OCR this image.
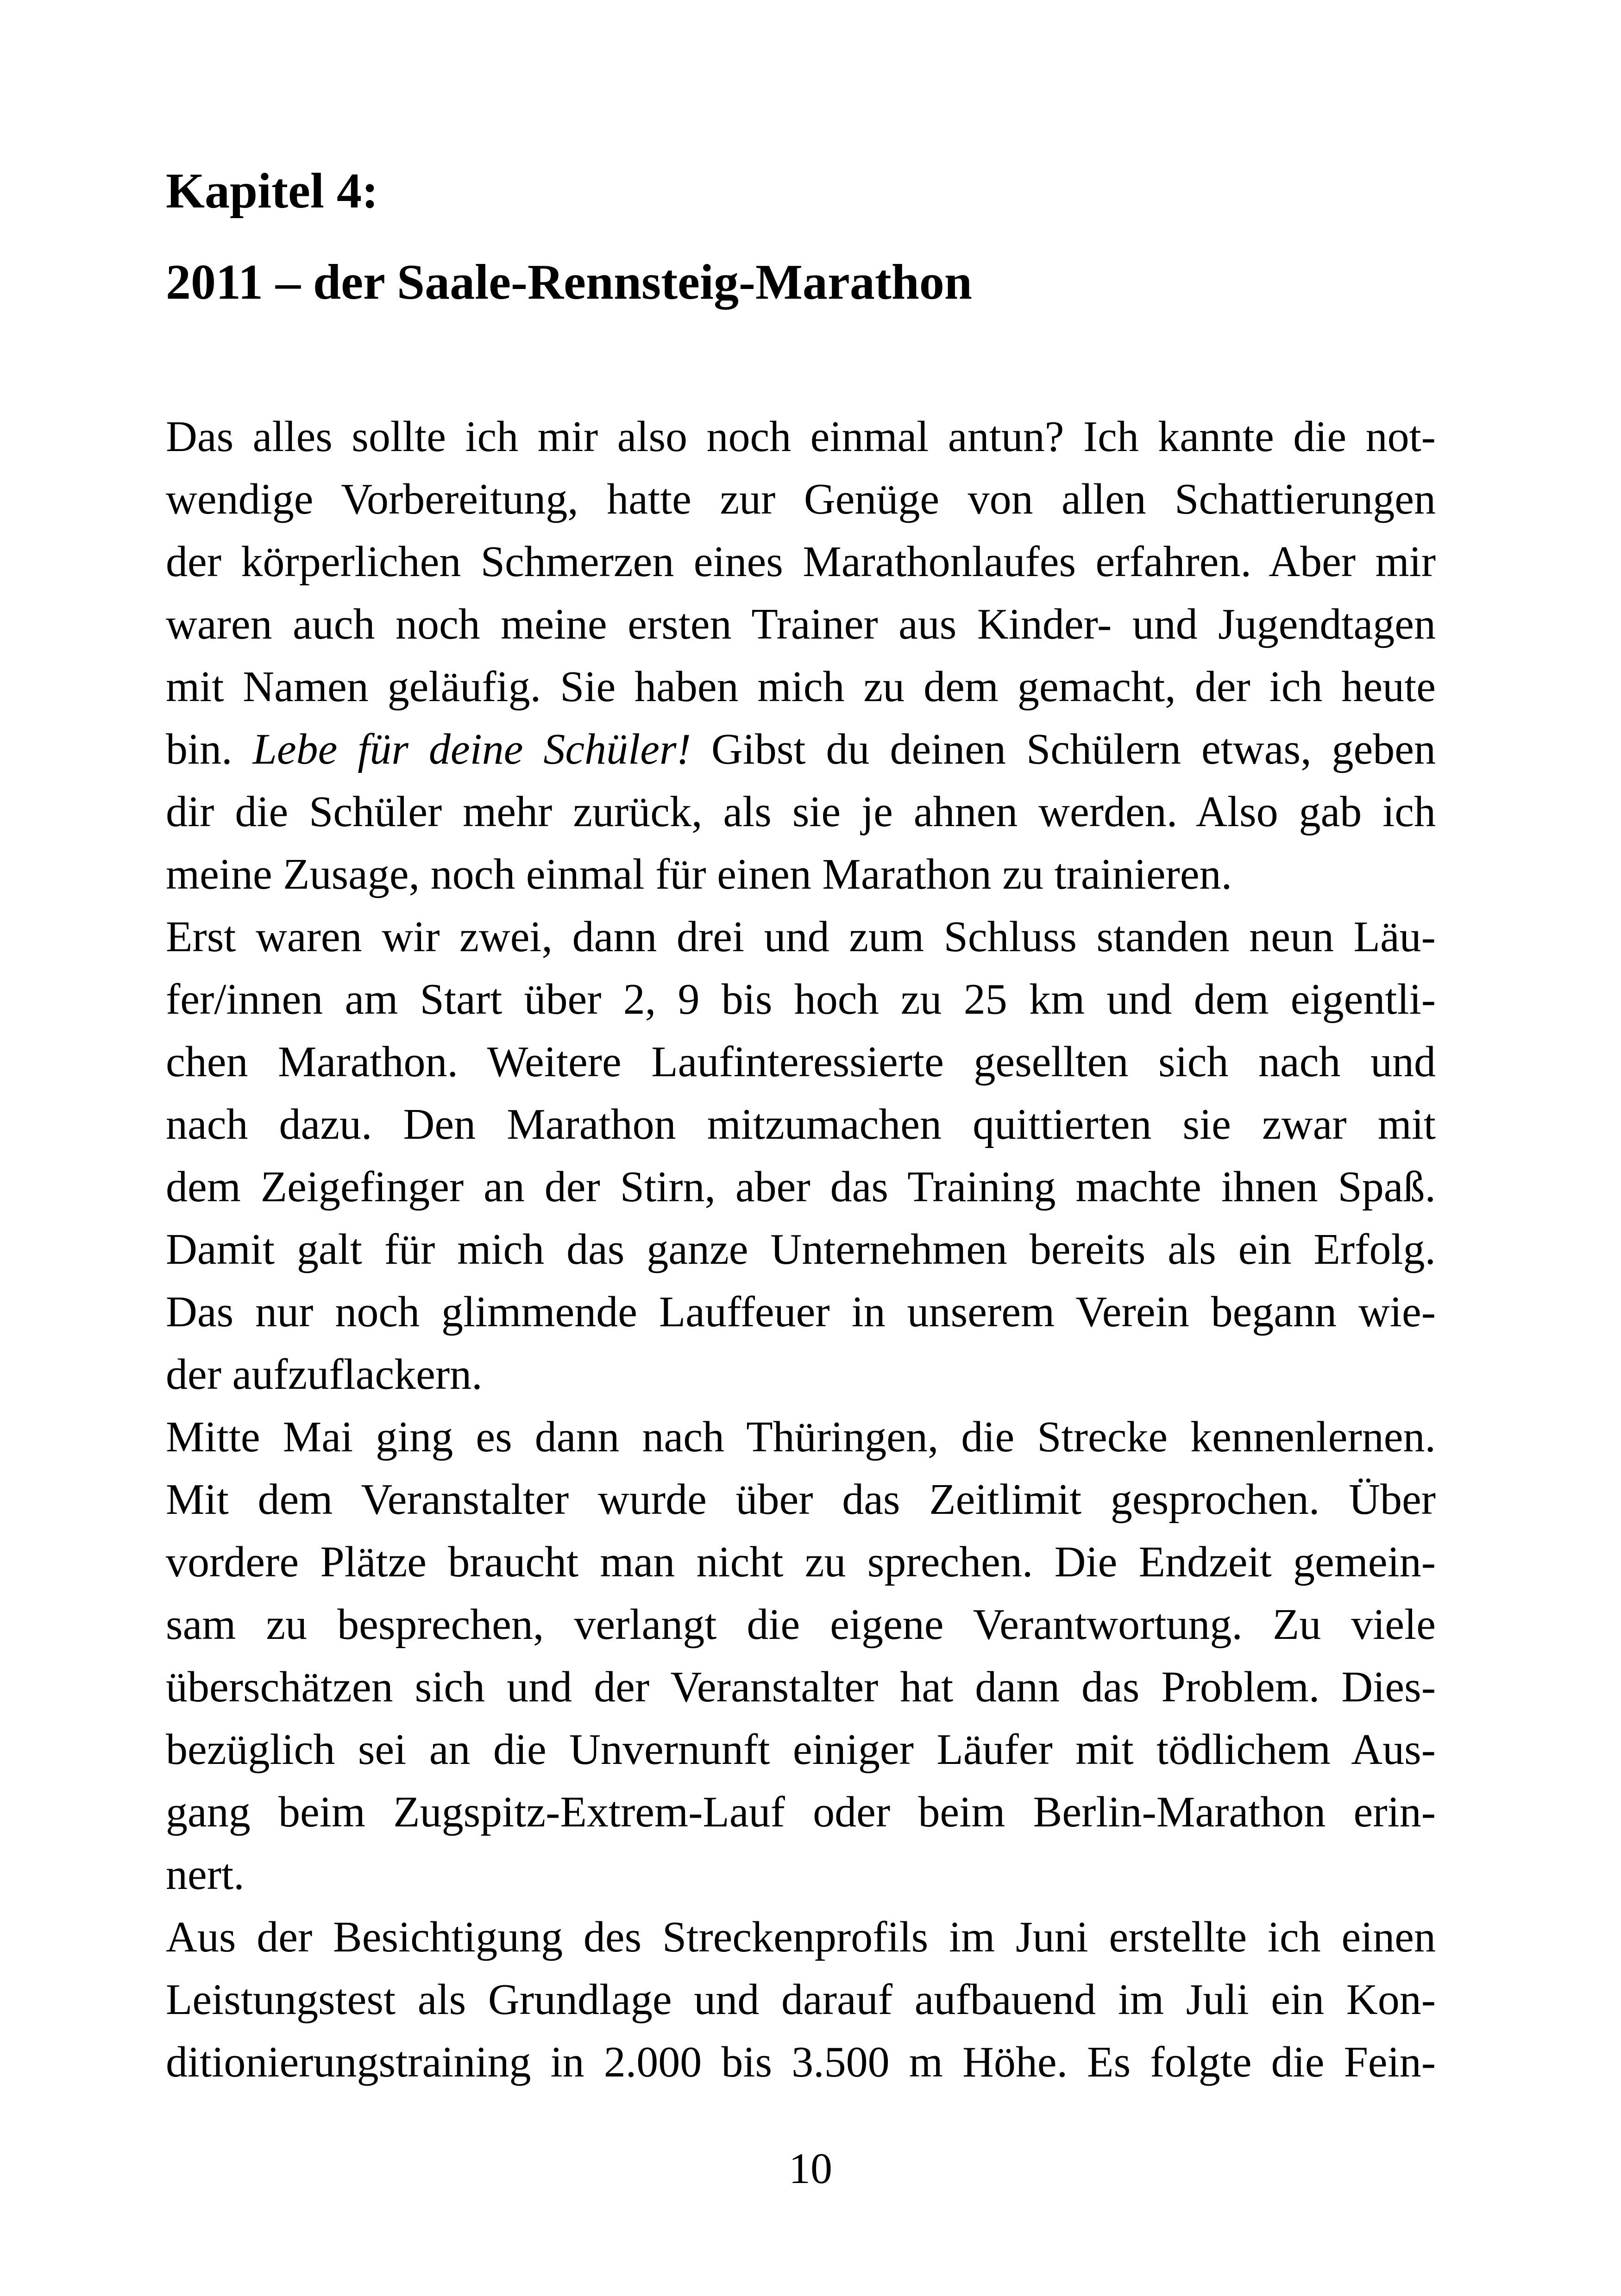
Kapitel 4:
2011 – der Saale-Rennsteig-Marathon
Das alles sollte ich mir also noch einmal antun? Ich kannte die not-
wendige Vorbereitung, hatte zur Genüge von allen Schattierungen
der körperlichen Schmerzen eines Marathonlaufes erfahren. Aber mir
waren auch noch meine ersten Trainer aus Kinder- und Jugendtagen
mit Namen geläufig. Sie haben mich zu dem gemacht, der ich heute
bin. Lebe für deine Schüler! Gibst du deinen Schülern etwas, geben
dir die Schüler mehr zurück, als sie je ahnen werden. Also gab ich
meine Zusage, noch einmal für einen Marathon zu trainieren.
Erst waren wir zwei, dann drei und zum Schluss standen neun Läu-
fer/innen am Start über 2, 9 bis hoch zu 25 km und dem eigentli-
chen Marathon. Weitere Laufinteressierte gesellten sich nach und
nach dazu. Den Marathon mitzumachen quittierten sie zwar mit
dem Zeigefinger an der Stirn, aber das Training machte ihnen Spaß.
Damit galt für mich das ganze Unternehmen bereits als ein Erfolg.
Das nur noch glimmende Lauffeuer in unserem Verein begann wie-
der aufzuflackern.
Mitte Mai ging es dann nach Thüringen, die Strecke kennenlernen.
Mit dem Veranstalter wurde über das Zeitlimit gesprochen. Über
vordere Plätze braucht man nicht zu sprechen. Die Endzeit gemein-
sam zu besprechen, verlangt die eigene Verantwortung. Zu viele
überschätzen sich und der Veranstalter hat dann das Problem. Dies-
bezüglich sei an die Unvernunft einiger Läufer mit tödlichem Aus-
gang beim Zugspitz-Extrem-Lauf oder beim Berlin-Marathon erin-
nert.
Aus der Besichtigung des Streckenprofils im Juni erstellte ich einen
Leistungstest als Grundlage und darauf aufbauend im Juli ein Kon-
ditionierungstraining in 2.000 bis 3.500 m Höhe. Es folgte die Fein-
10
